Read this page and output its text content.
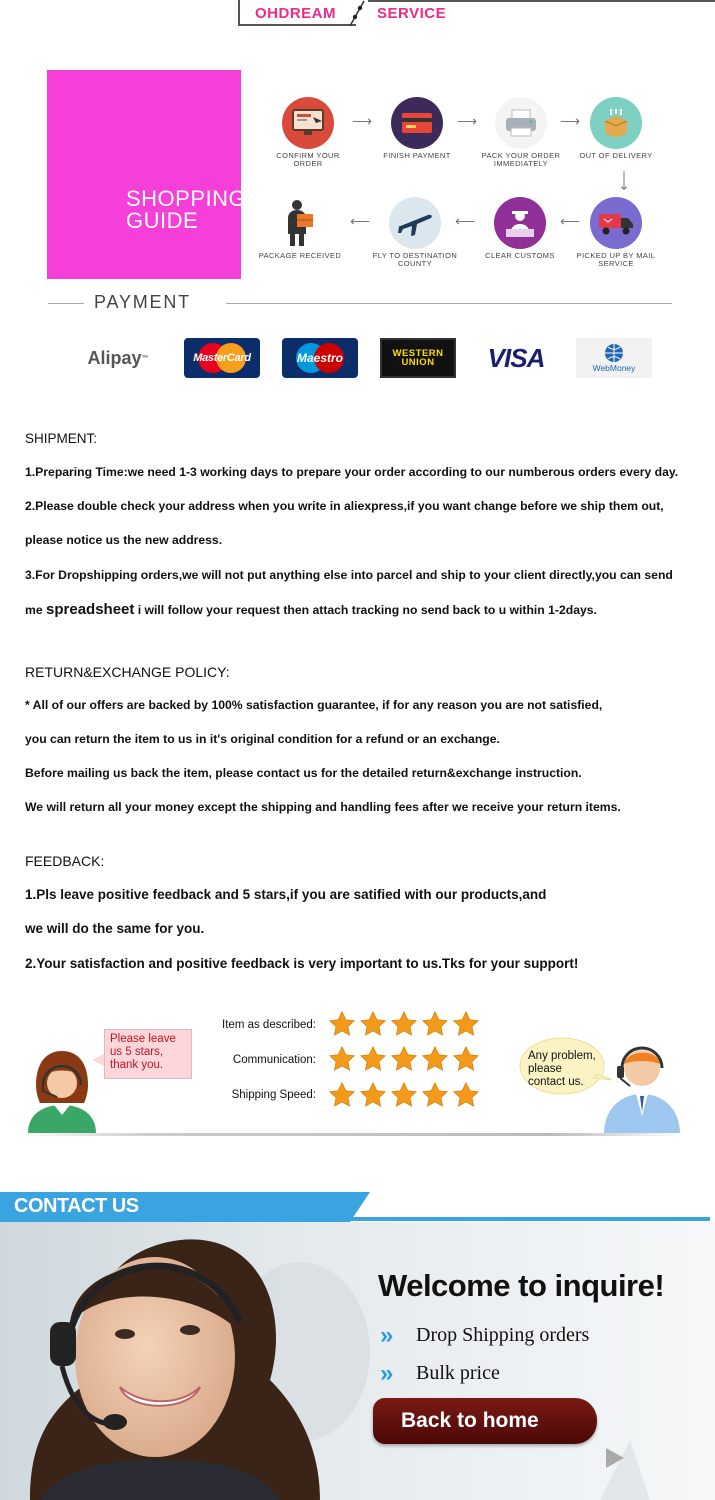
OHDREAM	SERVICE
SHOPPING
GUIDE
CONFIRM YOUR ORDER
⟶
FINISH PAYMENT
⟶
PACK YOUR ORDER IMMEDIATELY
⟶
OUT OF DELIVERY
⟶
PICKED UP BY MAIL SERVICE
⟵
CLEAR CUSTOMS
⟵
FLY TO DESTINATION COUNTY
⟵
PACKAGE RECEIVED
PAYMENT
Alipay ™	MasterCard	Maestro	WESTERN UNION	VISA	WebMoney
SHIPMENT:
1.Preparing Time:we need 1-3 working days to prepare your order according to our numberous orders every day.
2.Please double check your address when you write in aliexpress,if you want change before we ship them out,
please notice us the new address.
3.For Dropshipping orders,we will not put anything else into parcel and ship to your client directly,you can send
me spreadsheet i will follow your request then attach tracking no send back to u within 1-2days.
RETURN&EXCHANGE POLICY:
* All of our offers are backed by 100% satisfaction guarantee, if for any reason you are not satisfied,
you can return the item to us in it's original condition for a refund or an exchange.
Before mailing us back the item, please contact us for the detailed return&exchange instruction.
We will return all your money except the shipping and handling fees after we receive your return items.
FEEDBACK:
1.Pls leave positive feedback and 5 stars,if you are satified with our products,and
we will do the same for you.
2.Your satisfaction and positive feedback is very important to us.Tks for your support!
Please leave
us 5 stars,
thank you.
Item as described:
Communication:
Shipping Speed:
Any problem,
please
contact us.
CONTACT US
Welcome to inquire!
» Drop Shipping orders
» Bulk price
Back to home
